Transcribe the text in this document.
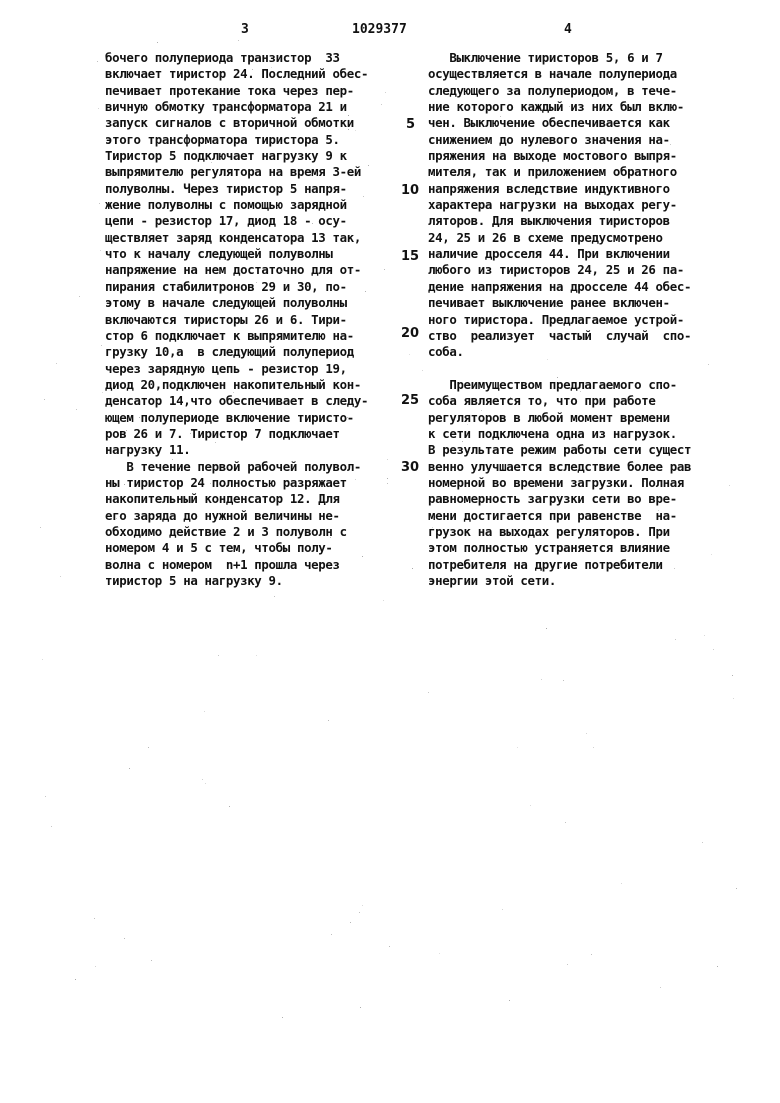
3	1029377	4
бочего полупериода транзистор  33
включает тиристор 24. Последний обес-
печивает протекание тока через пер-
вичную обмотку трансформатора 21 и
запуск сигналов с вторичной обмотки
этого трансформатора тиристора 5.
Тиристор 5 подключает нагрузку 9 к
выпрямителю регулятора на время 3-ей
полуволны. Через тиристор 5 напря-
жение полуволны с помощью зарядной
цепи - резистор 17, диод 18 - осу-
ществляет заряд конденсатора 13 так,
что к началу следующей полуволны
напряжение на нем достаточно для от-
пирания стабилитронов 29 и 30, по-
этому в начале следующей полуволны
включаются тиристоры 26 и 6. Тири-
стор 6 подключает к выпрямителю на-
грузку 10,а  в следующий полупериод
через зарядную цепь - резистор 19,
диод 20,подключен накопительный кон-
денсатор 14,что обеспечивает в следу-
ющем полупериоде включение тиристо-
ров 26 и 7. Тиристор 7 подключает
нагрузку 11.
В течение первой рабочей полувол-
ны тиристор 24 полностью разряжает
накопительный конденсатор 12. Для
его заряда до нужной величины не-
обходимо действие 2 и 3 полуволн с
номером 4 и 5 с тем, чтобы полу-
волна с номером  n+1 прошла через
тиристор 5 на нагрузку 9.
Выключение тиристоров 5, 6 и 7
осуществляется в начале полупериода
следующего за полупериодом, в тече-
ние которого каждый из них был вклю-
чен. Выключение обеспечивается как
снижением до нулевого значения на-
пряжения на выходе мостового выпря-
мителя, так и приложением обратного
напряжения вследствие индуктивного
характера нагрузки на выходах регу-
ляторов. Для выключения тиристоров
24, 25 и 26 в схеме предусмотрено
наличие дросселя 44. При включении
любого из тиристоров 24, 25 и 26 па-
дение напряжения на дросселе 44 обес-
печивает выключение ранее включен-
ного тиристора. Предлагаемое устрой-
ство  реализует  частый  случай  спо-
соба.
Преимуществом предлагаемого спо-
соба является то, что при работе
регуляторов в любой момент времени
к сети подключена одна из нагрузок.
В результате режим работы сети сущест
венно улучшается вследствие более рав
номерной во времени загрузки. Полная
равномерность загрузки сети во вре-
мени достигается при равенстве  на-
грузок на выходах регуляторов. При
этом полностью устраняется влияние
потребителя на другие потребители
энергии этой сети.
5
10
15
20
25
30
